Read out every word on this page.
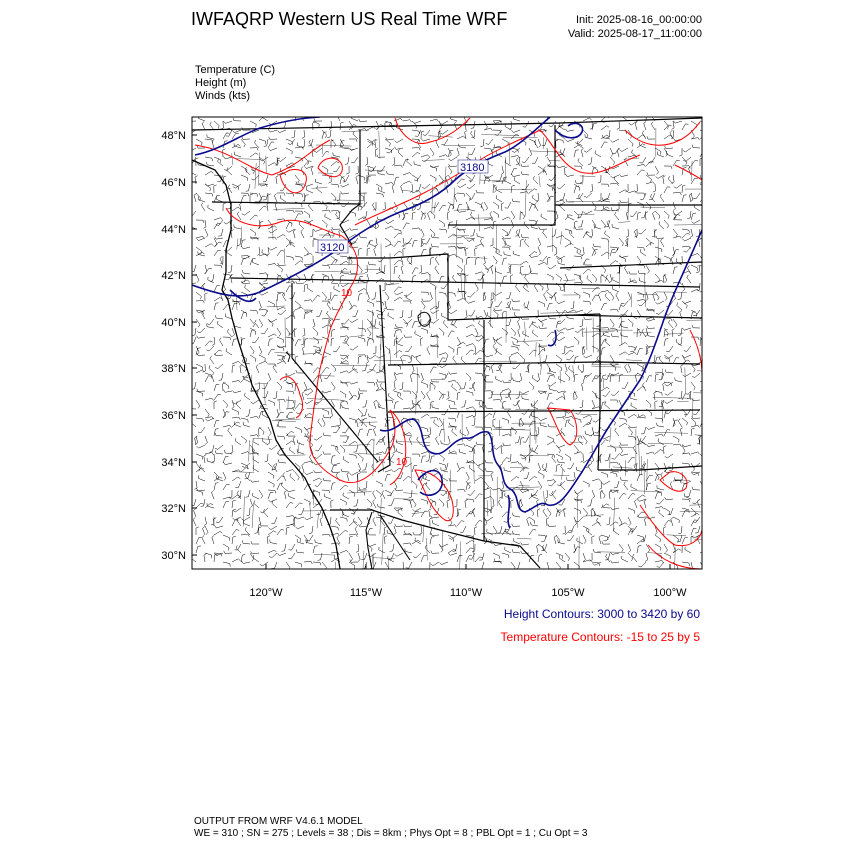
IWFAQRP Western US Real Time WRF	Init: 2025-08-16_00:00:00
Valid: 2025-08-17_11:00:00
Temperature (C)
Height (m)
Winds (kts)
3120
3180
10
10
48°N
46°N
44°N
42°N
40°N
38°N
36°N
34°N
32°N
30°N
120°W	115°W	110°W	105°W	100°W
Height Contours: 3000 to 3420 by 60
Temperature Contours: -15 to 25 by 5
OUTPUT FROM WRF V4.6.1 MODEL
WE = 310 ; SN = 275 ; Levels = 38 ; Dis = 8km ; Phys Opt = 8 ; PBL Opt = 1 ; Cu Opt = 3
